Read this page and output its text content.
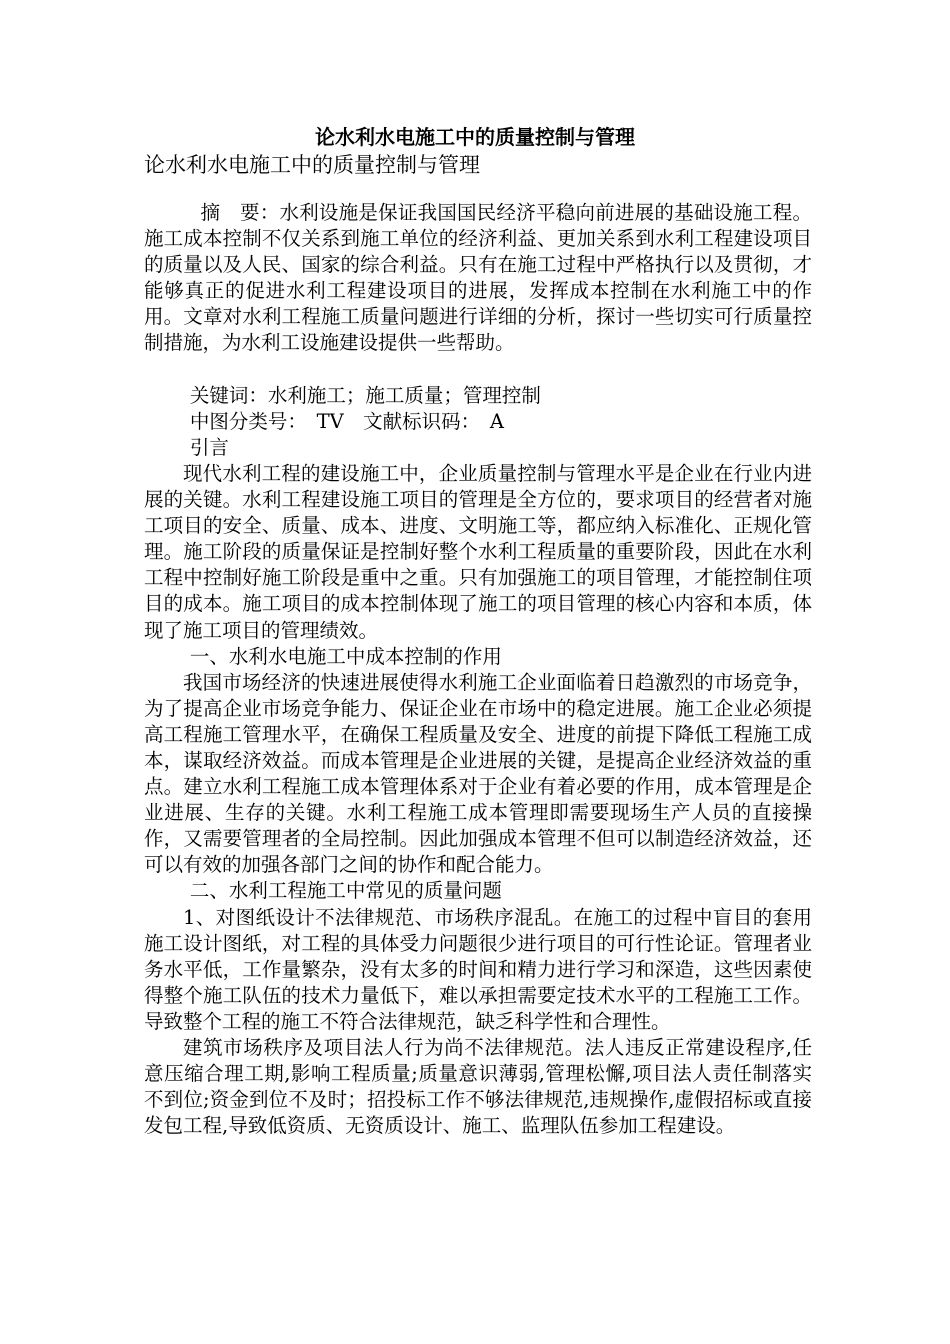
论水利水电施工中的质量控制与管理
论水利水电施工中的质量控制与管理

摘　要：水利设施是保证我国国民经济平稳向前进展的基础设施工程。施工成本控制不仅关系到施工单位的经济利益、更加关系到水利工程建设项目的质量以及人民、国家的综合利益。只有在施工过程中严格执行以及贯彻，才能够真正的促进水利工程建设项目的进展，发挥成本控制在水利施工中的作用。文章对水利工程施工质量问题进行详细的分析，探讨一些切实可行质量控制措施，为水利工设施建设提供一些帮助。

关键词：水利施工；施工质量；管理控制

中图分类号：　TV　文献标识码：　A

引言

现代水利工程的建设施工中，企业质量控制与管理水平是企业在行业内进展的关键。水利工程建设施工项目的管理是全方位的，要求项目的经营者对施工项目的安全、质量、成本、进度、文明施工等，都应纳入标准化、正规化管理。施工阶段的质量保证是控制好整个水利工程质量的重要阶段，因此在水利工程中控制好施工阶段是重中之重。只有加强施工的项目管理，才能控制住项目的成本。施工项目的成本控制体现了施工的项目管理的核心内容和本质，体现了施工项目的管理绩效。

一、水利水电施工中成本控制的作用

我国市场经济的快速进展使得水利施工企业面临着日趋激烈的市场竞争，为了提高企业市场竞争能力、保证企业在市场中的稳定进展。施工企业必须提高工程施工管理水平，在确保工程质量及安全、进度的前提下降低工程施工成本，谋取经济效益。而成本管理是企业进展的关键，是提高企业经济效益的重点。建立水利工程施工成本管理体系对于企业有着必要的作用，成本管理是企业进展、生存的关键。水利工程施工成本管理即需要现场生产人员的直接操作，又需要管理者的全局控制。因此加强成本管理不但可以制造经济效益，还可以有效的加强各部门之间的协作和配合能力。

二、水利工程施工中常见的质量问题

1、对图纸设计不法律规范、市场秩序混乱。在施工的过程中盲目的套用施工设计图纸，对工程的具体受力问题很少进行项目的可行性论证。管理者业务水平低，工作量繁杂，没有太多的时间和精力进行学习和深造，这些因素使得整个施工队伍的技术力量低下，难以承担需要定技术水平的工程施工工作。导致整个工程的施工不符合法律规范，缺乏科学性和合理性。

建筑市场秩序及项目法人行为尚不法律规范。法人违反正常建设程序,任意压缩合理工期,影响工程质量;质量意识薄弱,管理松懈,项目法人责任制落实不到位;资金到位不及时；招投标工作不够法律规范,违规操作,虚假招标或直接发包工程,导致低资质、无资质设计、施工、监理队伍参加工程建设。
